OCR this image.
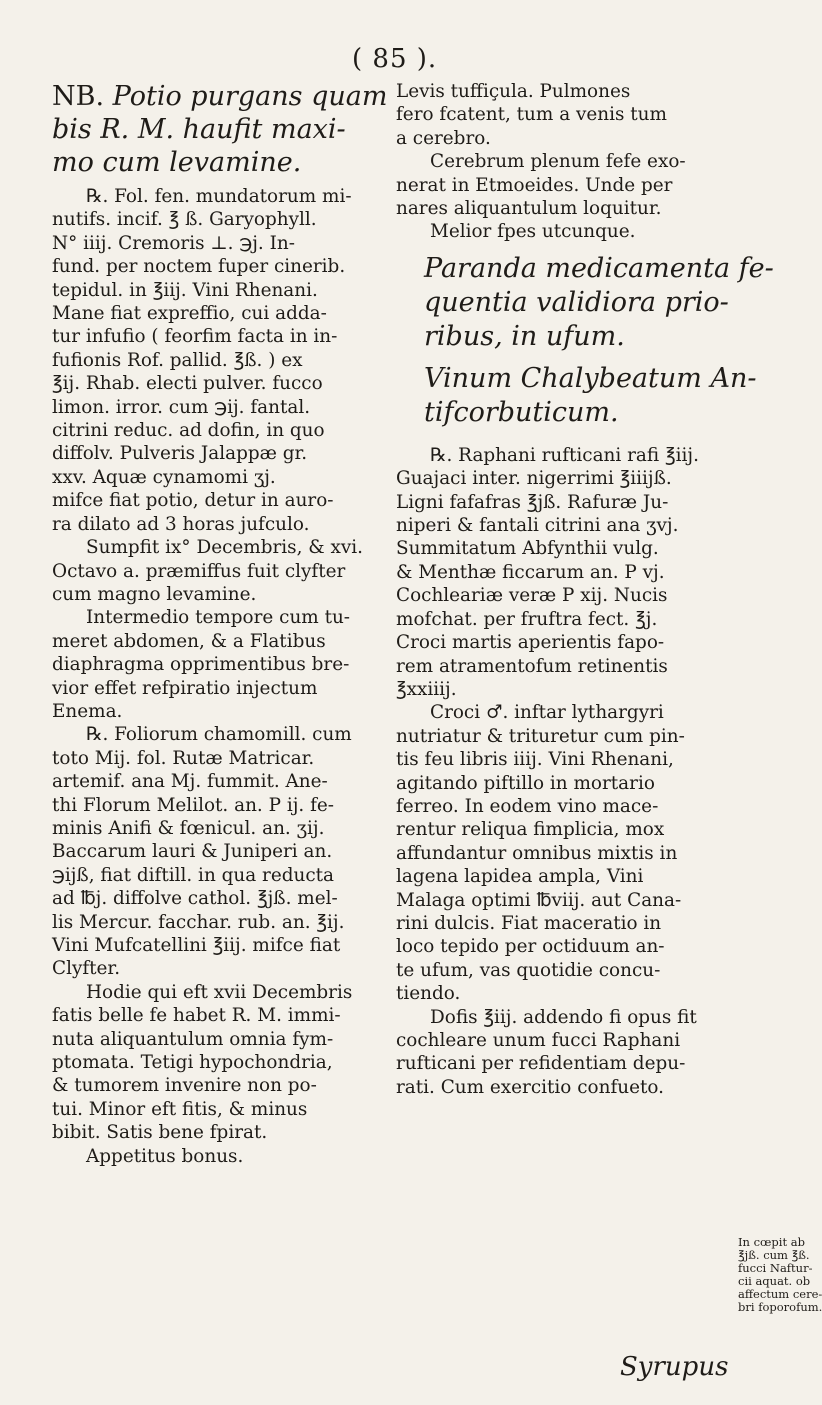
( 85 ).
NB. Potio purgans quam
bis R. M. haufit maxi-
mo cum levamine.

℞. Fol. fen. mundatorum mi-
nutifs. incif. ℥ ß. Garyophyll.
N° iiij. Cremoris ⊥. ℈j. In-
fund. per noctem fuper cinerib.
tepidul. in ℥iij. Vini Rhenani.
Mane fiat expreffio, cui adda-
tur infufio ( feorfim facta in in-
fufionis Rof. pallid. ℥ß. ) ex
℥ij. Rhab. electi pulver. fucco
limon. irror. cum ℈ij. fantal.
citrini reduc. ad dofin, in quo
diffolv. Pulveris Jalappæ gr.
xxv. Aquæ cynamomi ʒj.
mifce fiat potio, detur in auro-
ra dilato ad 3 horas jufculo.

Sumpfit ix° Decembris, & xvi.
Octavo a. præmiffus fuit clyfter
cum magno levamine.

Intermedio tempore cum tu-
meret abdomen, & a Flatibus
diaphragma opprimentibus bre-
vior effet refpiratio injectum
Enema.

℞. Foliorum chamomill. cum
toto Mij. fol. Rutæ Matricar.
artemif. ana Mj. fummit. Ane-
thi Florum Melilot. an. P ij. fe-
minis Anifi & fœnicul. an. ʒij.
Baccarum lauri & Juniperi an.
℈ijß, fiat diftill. in qua reducta
ad ℔j. diffolve cathol. ℥jß. mel-
lis Mercur. facchar. rub. an. ℥ij.
Vini Mufcatellini ℥iij. mifce fiat
Clyfter.

Hodie qui eft xvii Decembris
fatis belle fe habet R. M. immi-
nuta aliquantulum omnia fym-
ptomata. Tetigi hypochondria,
& tumorem invenire non po-
tui. Minor eft fitis, & minus
bibit. Satis bene fpirat.
Appetitus bonus.

Levis tuffiçula. Pulmones
fero fcatent, tum a venis tum
a cerebro.

Cerebrum plenum fefe exo-
nerat in Etmoeides. Unde per
nares aliquantulum loquitur.
Melior fpes utcunque.

Paranda medicamenta fe-
quentia validiora prio-
ribus, in ufum.
Vinum Chalybeatum An-
tifcorbuticum.

℞. Raphani rufticani rafi ℥iij.
Guajaci inter. nigerrimi ℥iiijß.
Ligni fafafras ℥jß. Rafuræ Ju-
niperi & fantali citrini ana ʒvj.
Summitatum Abfynthii vulg.
& Menthæ ficcarum an. P vj.
Cochleariæ veræ P xij. Nucis
mofchat. per fruftra fect. ℥j.
Croci martis aperientis fapo-
rem atramentofum retinentis
℥xxiiij.

Croci ♂. inftar lythargyri
nutriatur & trituretur cum pin-
tis feu libris iiij. Vini Rhenani,
agitando piftillo in mortario
ferreo. In eodem vino mace-
rentur reliqua fimplicia, mox
affundantur omnibus mixtis in
lagena lapidea ampla, Vini
Malaga optimi ℔viij. aut Cana-
rini dulcis. Fiat maceratio in
loco tepido per octiduum an-
te ufum, vas quotidie concu-
tiendo.

Dofis ℥iij. addendo fi opus fit
cochleare unum fucci Raphani
rufticani per refidentiam depu-
rati. Cum exercitio confueto.

In cœpit ab
℥jß. cum ℥ß.
fucci Naftur-
cii aquat. ob
affectum cere-
bri foporofum.
Syrupus
